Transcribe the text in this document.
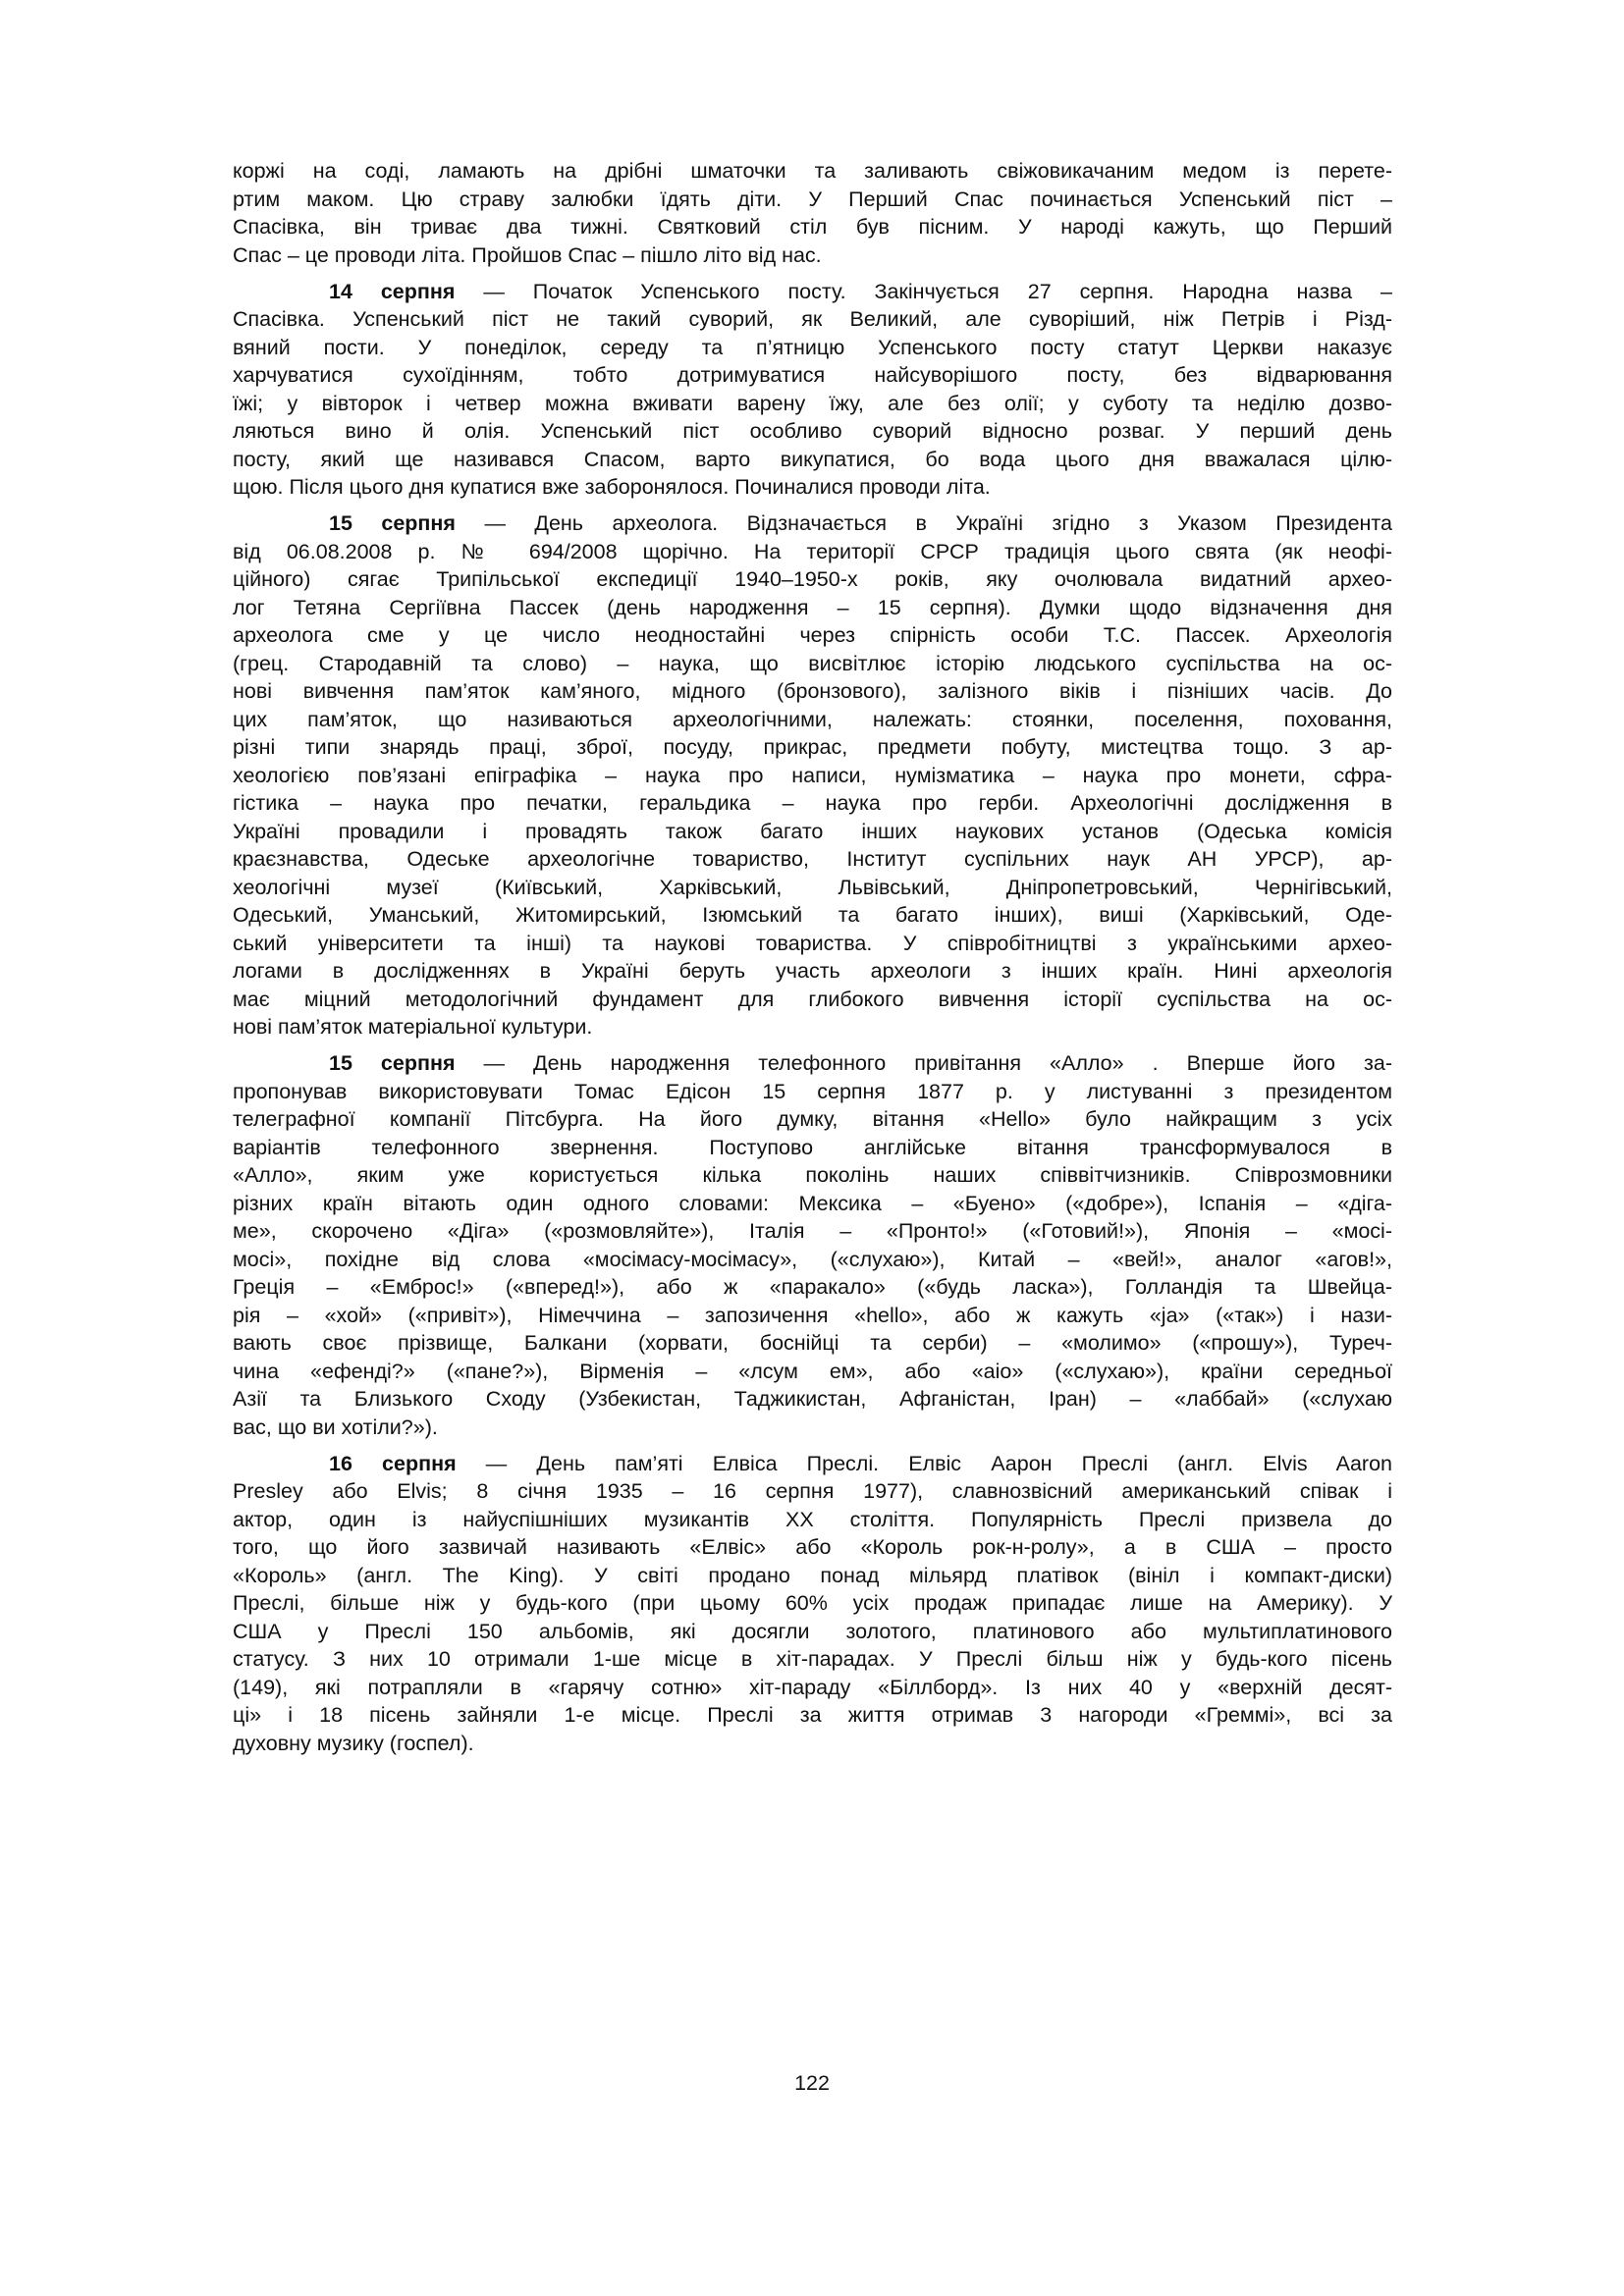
коржі на соді, ламають на дрібні шматочки та заливають свіжовикачаним медом із перете-
ртим маком. Цю страву залюбки їдять діти. У Перший Спас починається Успенський піст –
Спасівка, він триває два тижні. Святковий стіл був пісним. У народі кажуть, що Перший
Спас – це проводи літа. Пройшов Спас – пішло літо від нас.

14 серпня — Початок Успенського посту. Закінчується 27 серпня. Народна назва –
Спасівка. Успенський піст не такий суворий, як Великий, але суворіший, ніж Петрів і Різд-
вяний пости. У понеділок, середу та п’ятницю Успенського посту статут Церкви наказує
харчуватися сухоїдінням, тобто дотримуватися найсуворішого посту, без відварювання
їжі; у вівторок і четвер можна вживати варену їжу, але без олії; у суботу та неділю дозво-
ляються вино й олія. Успенський піст особливо суворий відносно розваг. У перший день
посту, який ще називався Спасом, варто викупатися, бо вода цього дня вважалася цілю-
щою. Після цього дня купатися вже заборонялося. Починалися проводи літа.

15 серпня — День археолога. Відзначається в Україні згідно з Указом Президента
від 06.08.2008 р. № 694/2008 щорічно. На території СРСР традиція цього свята (як неофі-
ційного) сягає Трипільської експедиції 1940–1950-х років, яку очолювала видатний архео-
лог Тетяна Сергіївна Пассек (день народження – 15 серпня). Думки щодо відзначення дня
археолога сме у це число неодностайні через спірність особи Т.С. Пассек. Археологія
(грец. Стародавній та слово) – наука, що висвітлює історію людського суспільства на ос-
нові вивчення пам’яток кам’яного, мідного (бронзового), залізного віків і пізніших часів. До
цих пам’яток, що називаються археологічними, належать: стоянки, поселення, поховання,
різні типи знарядь праці, зброї, посуду, прикрас, предмети побуту, мистецтва тощо. З ар-
хеологією пов’язані епіграфіка – наука про написи, нумізматика – наука про монети, сфра-
гістика – наука про печатки, геральдика – наука про герби. Археологічні дослідження в
Україні провадили і провадять також багато інших наукових установ (Одеська комісія
краєзнавства, Одеське археологічне товариство, Інститут суспільних наук АН УРСР), ар-
хеологічні музеї (Київський, Харківський, Львівський, Дніпропетровський, Чернігівський,
Одеський, Уманський, Житомирський, Ізюмський та багато інших), виші (Харківський, Оде-
ський університети та інші) та наукові товариства. У співробітництві з українськими архео-
логами в дослідженнях в Україні беруть участь археологи з інших країн. Нині археологія
має міцний методологічний фундамент для глибокого вивчення історії суспільства на ос-
нові пам’яток матеріальної культури.

15 серпня — День народження телефонного привітання «Алло» . Вперше його за-
пропонував використовувати Томас Едісон 15 серпня 1877 р. у листуванні з президентом
телеграфної компанії Пітсбурга. На його думку, вітання «Hello» було найкращим з усіх
варіантів телефонного звернення. Поступово англійське вітання трансформувалося в
«Алло», яким уже користується кілька поколінь наших співвітчизників. Співрозмовники
різних країн вітають один одного словами: Мексика – «Буено» («добре»), Іспанія – «діга-
ме», скорочено «Діга» («розмовляйте»), Італія – «Пронто!» («Готовий!»), Японія – «мосі-
мосі», похідне від слова «мосімасу-мосімасу», («слухаю»), Китай – «вей!», аналог «агов!»,
Греція – «Емброс!» («вперед!»), або ж «паракало» («будь ласка»), Голландія та Швейца-
рія – «хой» («привіт»), Німеччина – запозичення «hello», або ж кажуть «ja» («так») і нази-
вають своє прізвище, Балкани (хорвати, боснійці та серби) – «молимо» («прошу»), Туреч-
чина «ефенді?» («пане?»), Вірменія – «лсум ем», або «аіо» («слухаю»), країни середньої
Азії та Близького Сходу (Узбекистан, Таджикистан, Афганістан, Іран) – «лаббай» («слухаю
вас, що ви хотіли?»).

16 серпня — День пам’яті Елвіса Преслі. Елвіс Аарон Преслі (англ. Elvis Aaron
Presley або Elvis; 8 січня 1935 – 16 серпня 1977), славнозвісний американський співак і
актор, один із найуспішніших музикантів XX століття. Популярність Преслі призвела до
того, що його зазвичай називають «Елвіс» або «Король рок-н-ролу», а в США – просто
«Король» (англ. The King). У світі продано понад мільярд платівок (вініл і компакт-диски)
Преслі, більше ніж у будь-кого (при цьому 60% усіх продаж припадає лише на Америку). У
США у Преслі 150 альбомів, які досягли золотого, платинового або мультиплатинового
статусу. З них 10 отримали 1-ше місце в хіт-парадах. У Преслі більш ніж у будь-кого пісень
(149), які потрапляли в «гарячу сотню» хіт-параду «Біллборд». Із них 40 у «верхній десят-
ці» і 18 пісень зайняли 1-е місце. Преслі за життя отримав 3 нагороди «Греммі», всі за
духовну музику (госпел).

122
